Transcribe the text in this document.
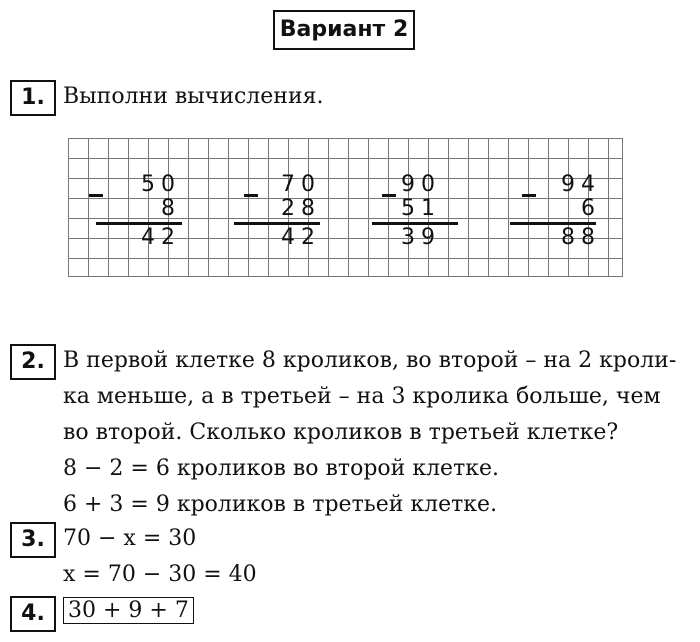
Вариант 2
1. Выполни вычисления.
5 0
8
4 2
7 0
2 8
4 2
9 0
5 1
3 9
9 4
6
8 8
2. В первой клетке 8 кроликов, во второй – на 2 крoли-
ка меньше, а в третьей – на 3 кролика больше, чем
во второй. Сколько кроликов в третьей клетке?
8 − 2 = 6 кроликов во второй клетке.
6 + 3 = 9 кроликов в третьей клетке.
3. 70 − x = 30
x = 70 − 30 = 40
4.	30 + 9 + 7
